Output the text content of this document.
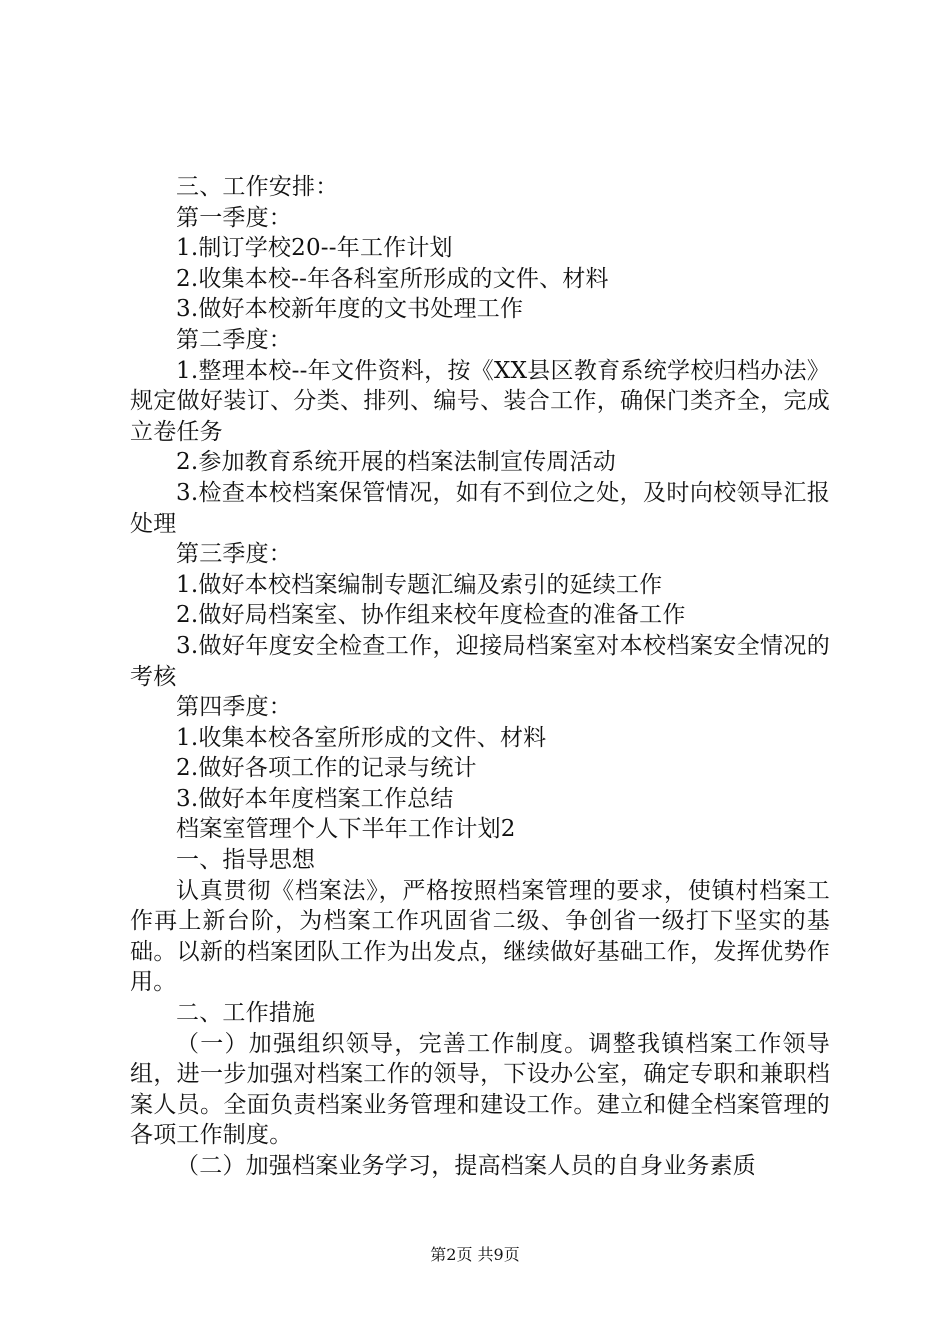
三、工作安排：

第一季度：

1.制订学校20--年工作计划

2.收集本校--年各科室所形成的文件、材料

3.做好本校新年度的文书处理工作

第二季度：

1.整理本校--年文件资料，按《XX县区教育系统学校归档办法》规定做好装订、分类、排列、编号、装合工作，确保门类齐全，完成立卷任务

2.参加教育系统开展的档案法制宣传周活动

3.检查本校档案保管情况，如有不到位之处，及时向校领导汇报处理

第三季度：

1.做好本校档案编制专题汇编及索引的延续工作

2.做好局档案室、协作组来校年度检查的准备工作

3.做好年度安全检查工作，迎接局档案室对本校档案安全情况的考核

第四季度：

1.收集本校各室所形成的文件、材料

2.做好各项工作的记录与统计

3.做好本年度档案工作总结

档案室管理个人下半年工作计划2

一、指导思想

认真贯彻《档案法》，严格按照档案管理的要求，使镇村档案工作再上新台阶，为档案工作巩固省二级、争创省一级打下坚实的基础。以新的档案团队工作为出发点，继续做好基础工作，发挥优势作用。

二、工作措施

（一）加强组织领导，完善工作制度。调整我镇档案工作领导组，进一步加强对档案工作的领导，下设办公室，确定专职和兼职档案人员。全面负责档案业务管理和建设工作。建立和健全档案管理的各项工作制度。

（二）加强档案业务学习，提高档案人员的自身业务素质

第2页 共9页
